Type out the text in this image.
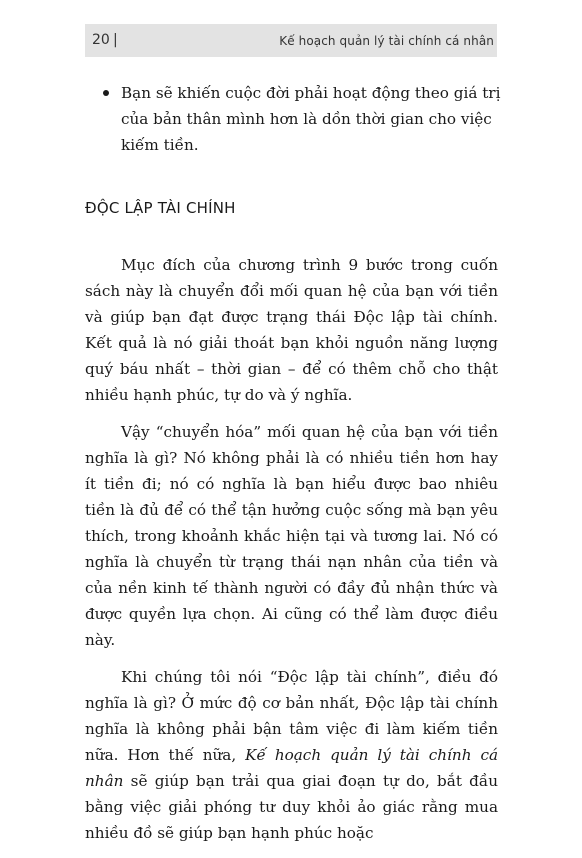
20 |	Kế hoạch quản lý tài chính cá nhân
Bạn sẽ khiến cuộc đời phải hoạt động theo giá trị của bản thân mình hơn là dồn thời gian cho việc kiếm tiền.
ĐỘC LẬP TÀI CHÍNH

Mục đích của chương trình 9 bước trong cuốn sách này là chuyển đổi mối quan hệ của bạn với tiền và giúp bạn đạt được trạng thái Độc lập tài chính. Kết quả là nó giải thoát bạn khỏi nguồn năng lượng quý báu nhất – thời gian – để có thêm chỗ cho thật nhiều hạnh phúc, tự do và ý nghĩa.

Vậy “chuyển hóa” mối quan hệ của bạn với tiền nghĩa là gì? Nó không phải là có nhiều tiền hơn hay ít tiền đi; nó có nghĩa là bạn hiểu được bao nhiêu tiền là đủ để có thể tận hưởng cuộc sống mà bạn yêu thích, trong khoảnh khắc hiện tại và tương lai. Nó có nghĩa là chuyển từ trạng thái nạn nhân của tiền và của nền kinh tế thành người có đầy đủ nhận thức và được quyền lựa chọn. Ai cũng có thể làm được điều này.

Khi chúng tôi nói “Độc lập tài chính”, điều đó nghĩa là gì? Ở mức độ cơ bản nhất, Độc lập tài chính nghĩa là không phải bận tâm việc đi làm kiếm tiền nữa. Hơn thế nữa, Kế hoạch quản lý tài chính cá nhân sẽ giúp bạn trải qua giai đoạn tự do, bắt đầu bằng việc giải phóng tư duy khỏi ảo giác rằng mua nhiều đồ sẽ giúp bạn hạnh phúc hoặc
